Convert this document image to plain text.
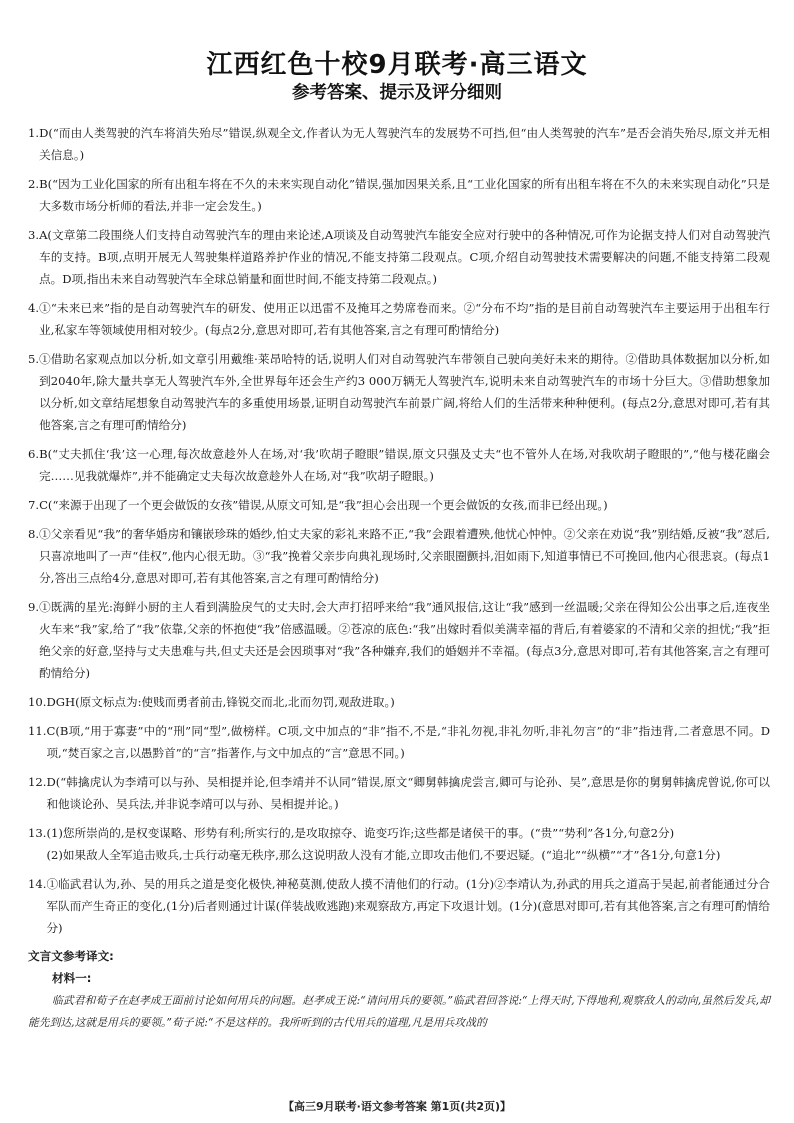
江西红色十校9月联考·高三语文
参考答案、提示及评分细则
1. D(“而由人类驾驶的汽车将消失殆尽”错误,纵观全文,作者认为无人驾驶汽车的发展势不可挡,但“由人类驾驶的汽车”是否会消失殆尽,原文并无相关信息。)
2. B(“因为工业化国家的所有出租车将在不久的未来实现自动化”错误,强加因果关系,且“工业化国家的所有出租车将在不久的未来实现自动化”只是大多数市场分析师的看法,并非一定会发生。)
3. A(文章第二段围绕人们支持自动驾驶汽车的理由来论述,A项谈及自动驾驶汽车能安全应对行驶中的各种情况,可作为论据支持人们对自动驾驶汽车的支持。B项,点明开展无人驾驶集样道路养护作业的情况,不能支持第二段观点。C项,介绍自动驾驶技术需要解决的问题,不能支持第二段观点。D项,指出未来自动驾驶汽车全球总销量和面世时间,不能支持第二段观点。)
4. ①“未来已来”指的是自动驾驶汽车的研发、使用正以迅雷不及掩耳之势席卷而来。②“分布不均”指的是目前自动驾驶汽车主要运用于出租车行业,私家车等领域使用相对较少。(每点2分,意思对即可,若有其他答案,言之有理可酌情给分)
5. ①借助名家观点加以分析,如文章引用戴维·莱昂哈特的话,说明人们对自动驾驶汽车带领自己驶向美好未来的期待。②借助具体数据加以分析,如到2040年,除大量共享无人驾驶汽车外,全世界每年还会生产约3 000万辆无人驾驶汽车,说明未来自动驾驶汽车的市场十分巨大。③借助想象加以分析,如文章结尾想象自动驾驶汽车的多重使用场景,证明自动驾驶汽车前景广阔,将给人们的生活带来种种便利。(每点2分,意思对即可,若有其他答案,言之有理可酌情给分)
6. B(“丈夫抓住‘我’这一心理,每次故意趁外人在场,对‘我’吹胡子瞪眼”错误,原文只强及丈夫“也不管外人在场,对我吹胡子瞪眼的”,“他与楼花幽会完……见我就爆炸”,并不能确定丈夫每次故意趁外人在场,对“我”吹胡子瞪眼。)
7. C(“来源于出现了一个更会做饭的女孩”错误,从原文可知,是“我”担心会出现一个更会做饭的女孩,而非已经出现。)
8. ①父亲看见“我”的奢华婚房和镶嵌珍珠的婚纱,怕丈夫家的彩礼来路不正,“我”会跟着遭殃,他忧心忡忡。②父亲在劝说“我”别结婚,反被“我”怼后,只喜凉地叫了一声“佳权”,他内心很无助。③“我”挽着父亲步向典礼现场时,父亲眼圈颤抖,泪如雨下,知道事情已不可挽回,他内心很悲哀。(每点1分,答出三点给4分,意思对即可,若有其他答案,言之有理可酌情给分)
9. ①既满的星光:海鲜小厨的主人看到满脸戾气的丈夫时,会大声打招呼来给“我”通风报信,这让“我”感到一丝温暖;父亲在得知公公出事之后,连夜坐火车来“我”家,给了“我”依靠,父亲的怀抱使“我”倍感温暖。②苍凉的底色:“我”出嫁时看似美满幸福的背后,有着婆家的不清和父亲的担忧;“我”拒绝父亲的好意,坚持与丈夫患难与共,但丈夫还是会因琐事对“我”各种嫌弃,我们的婚姻并不幸福。(每点3分,意思对即可,若有其他答案,言之有理可酌情给分)
10. DGH(原文标点为:使贱而勇者前击,锋锐交而北,北而勿罚,观敌进取。)
11. C(B项,“用于寡妻”中的“刑”同“型”,做榜样。C项,文中加点的“非”指不,不是,“非礼勿视,非礼勿听,非礼勿言”的“非”指违背,二者意思不同。D项,“焚百家之言,以愚黔首”的“言”指著作,与文中加点的“言”意思不同。)
12. D(“韩擒虎认为李靖可以与孙、吴相提并论,但李靖并不认同”错误,原文“卿舅韩擒虎尝言,卿可与论孙、吴”,意思是你的舅舅韩擒虎曾说,你可以和他谈论孙、吴兵法,并非说李靖可以与孙、吴相提并论。)
13. (1)您所崇尚的,是权变谋略、形势有利;所实行的,是攻取掠夺、诡变巧诈;这些都是诸侯干的事。(“贵”“势利”各1分,句意2分)
(2)如果敌人全军追击败兵,士兵行动毫无秩序,那么这说明敌人没有才能,立即攻击他们,不要迟疑。(“追北”“纵横”“才”各1分,句意1分)
14. ①临武君认为,孙、吴的用兵之道是变化极快,神秘莫测,使敌人摸不清他们的行动。(1分)②李靖认为,孙武的用兵之道高于吴起,前者能通过分合军队而产生奇正的变化,(1分)后者则通过计谋(佯装战败逃跑)来观察敌方,再定下攻退计划。(1分)(意思对即可,若有其他答案,言之有理可酌情给分)
文言文参考译文:
材料一:
临武君和荀子在赵孝成王面前讨论如何用兵的问题。赵孝成王说:“请问用兵的要领。”临武君回答说:“上得天时,下得地利,观察敌人的动向,虽然后发兵,却能先到达,这就是用兵的要领。”荀子说:“不是这样的。我所听到的古代用兵的道理,凡是用兵攻战的
【高三9月联考·语文参考答案 第1页(共2页)】
